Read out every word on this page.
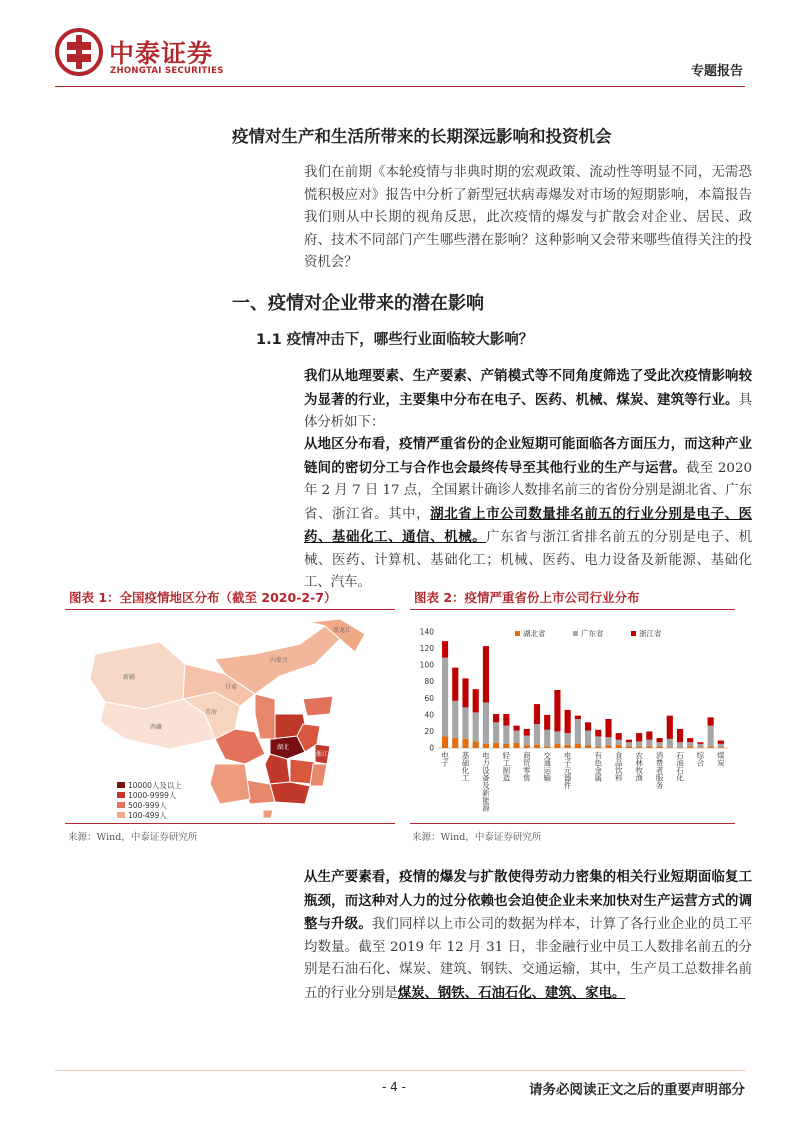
中泰证券
ZHONGTAI SECURITIES	专题报告
疫情对生产和生活所带来的长期深远影响和投资机会
我们在前期《本轮疫情与非典时期的宏观政策、流动性等明显不同，无需恐慌积极应对》报告中分析了新型冠状病毒爆发对市场的短期影响，本篇报告我们则从中长期的视角反思，此次疫情的爆发与扩散会对企业、居民、政府、技术不同部门产生哪些潜在影响？这种影响又会带来哪些值得关注的投资机会？
一、疫情对企业带来的潜在影响
1.1 疫情冲击下，哪些行业面临较大影响？
我们从地理要素、生产要素、产销模式等不同角度筛选了受此次疫情影响较为显著的行业，主要集中分布在电子、医药、机械、煤炭、建筑等行业。具体分析如下：
从地区分布看，疫情严重省份的企业短期可能面临各方面压力，而这种产业链间的密切分工与合作也会最终传导至其他行业的生产与运营。截至 2020 年 2 月 7 日 17 点，全国累计确诊人数排名前三的省份分别是湖北省、广东省、浙江省。其中，湖北省上市公司数量排名前五的行业分别是电子、医药、基础化工、通信、机械。广东省与浙江省排名前五的分别是电子、机械、医药、计算机、基础化工；机械、医药、电力设备及新能源、基础化工、汽车。
图表 1：全国疫情地区分布（截至 2020-2-7）
10000人及以上
1000-9999人
500-999人
100-499人
新疆
西藏
青海
甘肃
内蒙古
黑龙江
湖北
浙江
来源：Wind，中泰证券研究所
图表 2：疫情严重省份上市公司行业分布
0
20
40
60
80
100
120
140	湖北省	广东省	浙江省
电子
基础化工
电力设备及新能源
轻工制造
商贸零售
交通运输
电子元器件
有色金属
食品饮料
农林牧渔
消费者服务
石油石化
综合
煤炭
来源：Wind，中泰证券研究所
从生产要素看，疫情的爆发与扩散使得劳动力密集的相关行业短期面临复工瓶颈，而这种对人力的过分依赖也会迫使企业未来加快对生产运营方式的调整与升级。我们同样以上市公司的数据为样本，计算了各行业企业的员工平均数量。截至 2019 年 12 月 31 日，非金融行业中员工人数排名前五的分别是石油石化、煤炭、建筑、钢铁、交通运输，其中，生产员工总数排名前五的行业分别是煤炭、钢铁、石油石化、建筑、家电。
- 4 -	请务必阅读正文之后的重要声明部分
